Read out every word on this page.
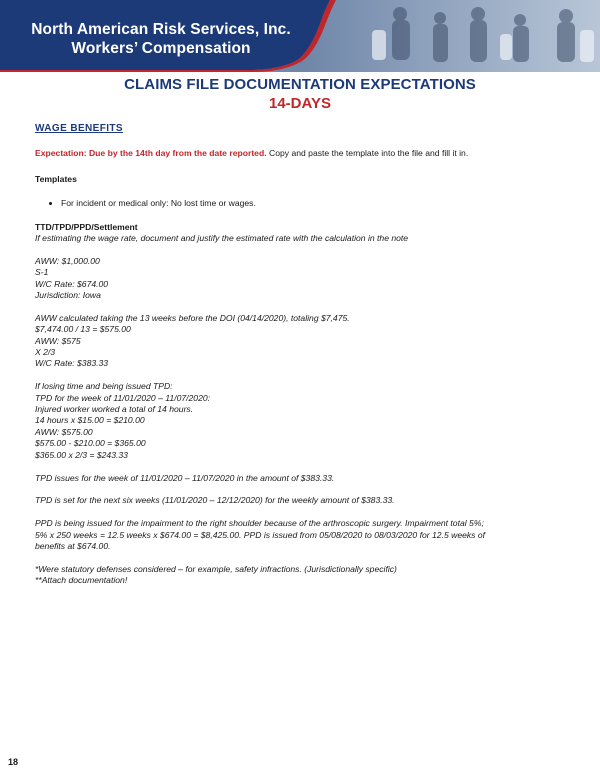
North American Risk Services, Inc.
Workers’ Compensation
CLAIMS FILE DOCUMENTATION EXPECTATIONS
14-DAYS
WAGE BENEFITS
Expectation: Due by the 14th day from the date reported. Copy and paste the template into the file and fill it in.
Templates
• For incident or medical only: No lost time or wages.
TTD/TPD/PPD/Settlement
If estimating the wage rate, document and justify the estimated rate with the calculation in the note
AWW: $1,000.00
S-1
W/C Rate: $674.00
Jurisdiction: Iowa
AWW calculated taking the 13 weeks before the DOI (04/14/2020), totaling $7,475.
$7,474.00 / 13 = $575.00
AWW: $575
X 2/3
W/C Rate: $383.33
If losing time and being issued TPD:
TPD for the week of 11/01/2020 – 11/07/2020:
Injured worker worked a total of 14 hours.
14 hours x $15.00 = $210.00
AWW: $575.00
$575.00 - $210.00 = $365.00
$365.00 x 2/3 = $243.33
TPD issues for the week of 11/01/2020 – 11/07/2020 in the amount of $383.33.
TPD is set for the next six weeks (11/01/2020 – 12/12/2020) for the weekly amount of $383.33.
PPD is being issued for the impairment to the right shoulder because of the arthroscopic surgery. Impairment total 5%;
5% x 250 weeks = 12.5 weeks x $674.00 = $8,425.00. PPD is issued from 05/08/2020 to 08/03/2020 for 12.5 weeks of
benefits at $674.00.
*Were statutory defenses considered – for example, safety infractions. (Jurisdictionally specific)
**Attach documentation!
18
